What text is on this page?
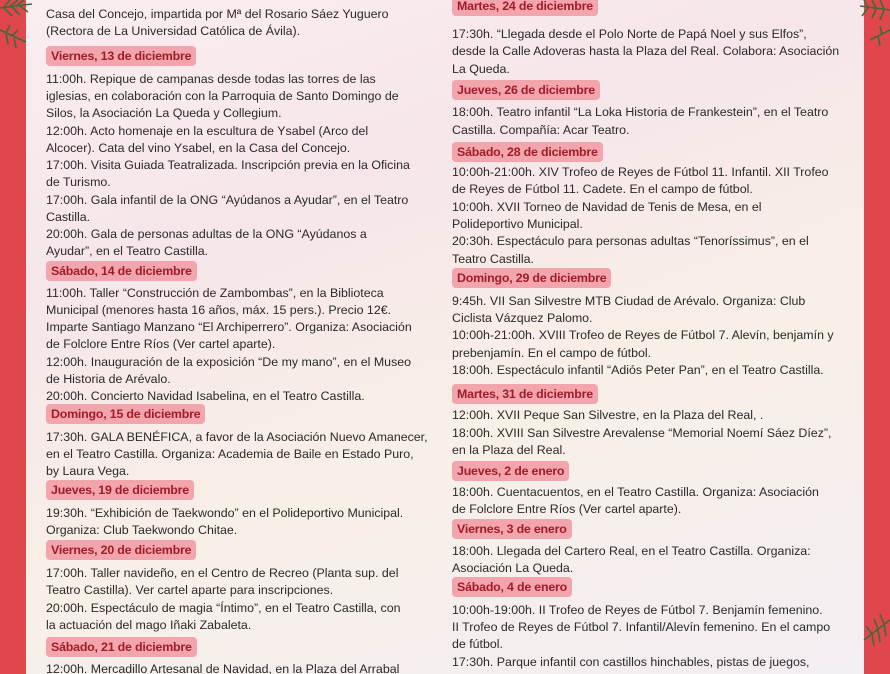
Casa del Concejo, impartida por Mª del Rosario Sáez Yuguero
(Rectora de La Universidad Católica de Ávila).
Viernes, 13 de diciembre
11:00h. Repique de campanas desde todas las torres de las
iglesias, en colaboración con la Parroquia de Santo Domingo de
Silos, la Asociación La Queda y Collegium.
12:00h. Acto homenaje en la escultura de Ysabel (Arco del
Alcocer). Cata del vino Ysabel, en la Casa del Concejo.
17:00h. Visita Guiada Teatralizada. Inscripción previa en la Oficina
de Turismo.
17:00h. Gala infantil de la ONG “Ayúdanos a Ayudar”, en el Teatro
Castilla.
20:00h. Gala de personas adultas de la ONG “Ayúdanos a
Ayudar”, en el Teatro Castilla.
Sábado, 14 de diciembre
11:00h. Taller “Construcción de Zambombas”, en la Biblioteca
Municipal (menores hasta 16 años, máx. 15 pers.). Precio 12€.
Imparte Santiago Manzano “El Archiperrero”. Organiza: Asociación
de Folclore Entre Ríos (Ver cartel aparte).
12:00h. Inauguración de la exposición “De my mano”, en el Museo
de Historia de Arévalo.
20:00h. Concierto Navidad Isabelina, en el Teatro Castilla.
Domingo, 15 de diciembre
17:30h. GALA BENÉFICA, a favor de la Asociación Nuevo Amanecer,
en el Teatro Castilla. Organiza: Academia de Baile en Estado Puro,
by Laura Vega.
Jueves, 19 de diciembre
19:30h. “Exhibición de Taekwondo” en el Polideportivo Municipal.
Organiza: Club Taekwondo Chitae.
Viernes, 20 de diciembre
17:00h. Taller navideño, en el Centro de Recreo (Planta sup. del
Teatro Castilla). Ver cartel aparte para inscripciones.
20:00h. Espectáculo de magia “Íntimo”, en el Teatro Castilla, con
la actuación del mago Iñaki Zabaleta.
Sábado, 21 de diciembre
12:00h. Mercadillo Artesanal de Navidad, en la Plaza del Arrabal
Martes, 24 de diciembre
17:30h. “Llegada desde el Polo Norte de Papá Noel y sus Elfos”,
desde la Calle Adoveras hasta la Plaza del Real. Colabora: Asociación
La Queda.
Jueves, 26 de diciembre
18:00h. Teatro infantil “La Loka Historia de Frankestein”, en el Teatro
Castilla. Compañía: Acar Teatro.
Sábado, 28 de diciembre
10:00h-21:00h. XIV Trofeo de Reyes de Fútbol 11. Infantil. XII Trofeo
de Reyes de Fútbol 11. Cadete. En el campo de fútbol.
10:00h. XVII Torneo de Navidad de Tenis de Mesa, en el
Polideportivo Municipal.
20:30h. Espectáculo para personas adultas “Tenoríssimus”, en el
Teatro Castilla.
Domingo, 29 de diciembre
9:45h. VII San Silvestre MTB Ciudad de Arévalo. Organiza: Club
Ciclista Vázquez Palomo.
10:00h-21:00h. XVIII Trofeo de Reyes de Fútbol 7. Alevín, benjamín y
prebenjamín. En el campo de fútbol.
18:00h. Espectáculo infantil “Adiós Peter Pan”, en el Teatro Castilla.
Martes, 31 de diciembre
12:00h. XVII Peque San Silvestre, en la Plaza del Real, .
18:00h. XVIII San Silvestre Arevalense “Memorial Noemí Sáez Díez”,
en la Plaza del Real.
Jueves, 2 de enero
18:00h. Cuentacuentos, en el Teatro Castilla. Organiza: Asociación
de Folclore Entre Ríos (Ver cartel aparte).
Viernes, 3 de enero
18:00h. Llegada del Cartero Real, en el Teatro Castilla. Organiza:
Asociación La Queda.
Sábado, 4 de enero
10:00h-19:00h. II Trofeo de Reyes de Fútbol 7. Benjamín femenino.
II Trofeo de Reyes de Fútbol 7. Infantil/Alevín femenino. En el campo
de fútbol.
17:30h. Parque infantil con castillos hinchables, pistas de juegos,
